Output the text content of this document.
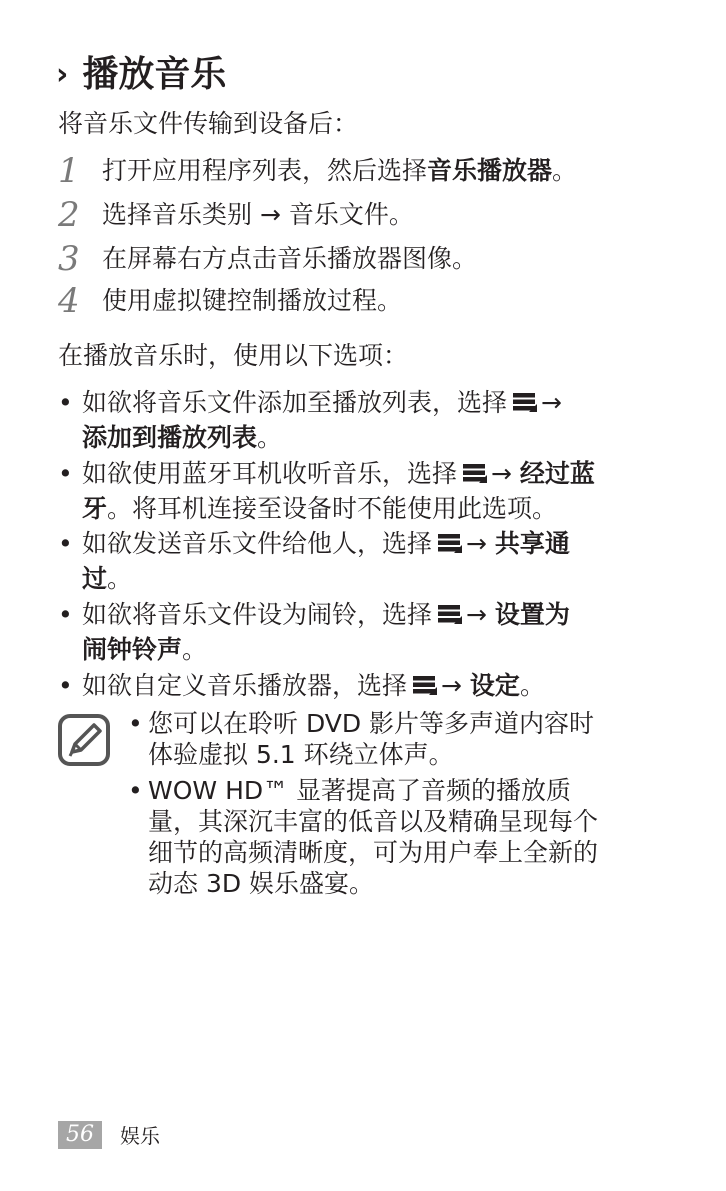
› 播放音乐
将音乐文件传输到设备后：
1 打开应用程序列表，然后选择音乐播放器。
2 选择音乐类别 → 音乐文件。
3 在屏幕右方点击音乐播放器图像。
4 使用虚拟键控制播放过程。
在播放音乐时，使用以下选项：
• 如欲将音乐文件添加至播放列表，选择 →
添加到播放列表。
• 如欲使用蓝牙耳机收听音乐，选择 → 经过蓝
牙。将耳机连接至设备时不能使用此选项。
• 如欲发送音乐文件给他人，选择 → 共享通
过。
• 如欲将音乐文件设为闹铃，选择 → 设置为
闹钟铃声。
• 如欲自定义音乐播放器，选择 → 设定。
• 您可以在聆听 DVD 影片等多声道内容时
体验虚拟 5.1 环绕立体声。
• WOW HD™ 显著提高了音频的播放质
量，其深沉丰富的低音以及精确呈现每个
细节的高频清晰度，可为用户奉上全新的
动态 3D 娱乐盛宴。
56	娱乐
